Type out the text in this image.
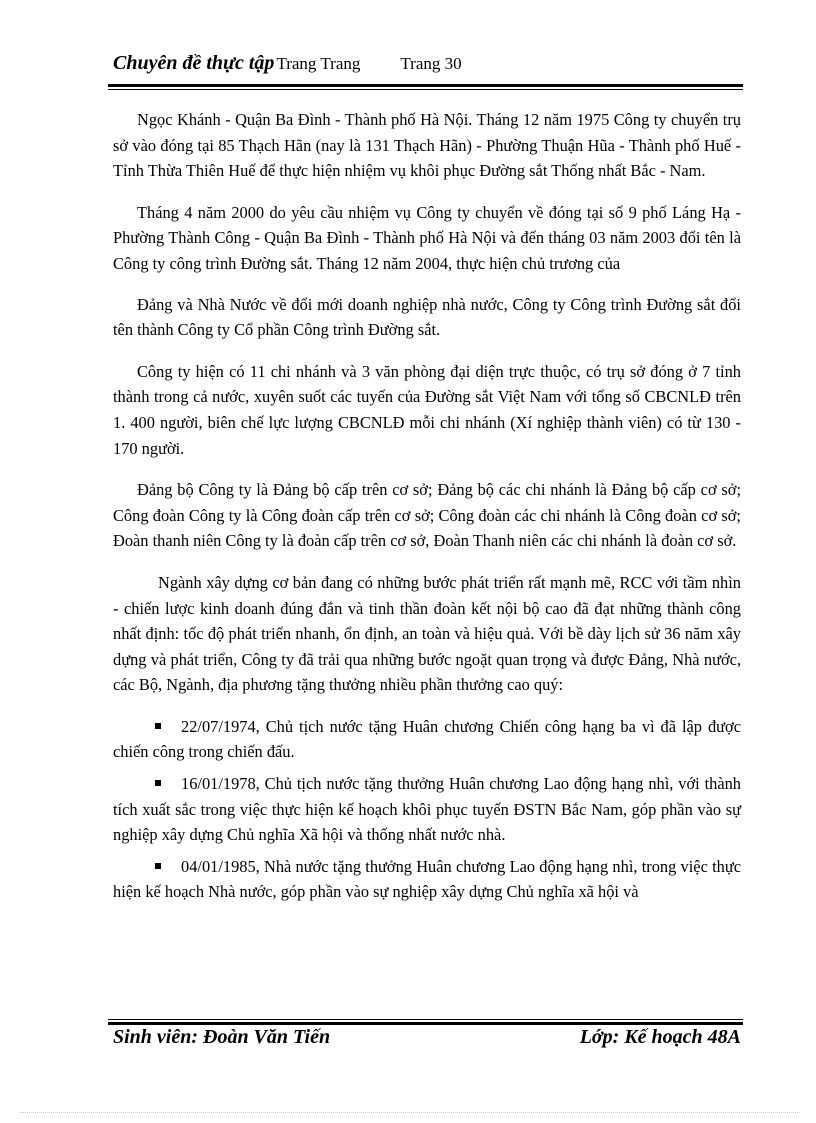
Chuyên đề thực tập Trang Trang Trang 30

Ngọc Khánh - Quận Ba Đình - Thành phố Hà Nội. Tháng 12 năm 1975 Công ty chuyển trụ sở vào đóng tại 85 Thạch Hãn (nay là 131 Thạch Hãn) - Phường Thuận Hũa - Thành phố Huế - Tỉnh Thừa Thiên Huế để thực hiện nhiệm vụ khôi phục Đường sắt Thống nhất Bắc - Nam.

Tháng 4 năm 2000 do yêu cầu nhiệm vụ Công ty chuyển về đóng tại số 9 phố Láng Hạ - Phường Thành Công - Quận Ba Đình - Thành phố Hà Nội và đến tháng 03 năm 2003 đổi tên là Công ty công trình Đường sắt. Tháng 12 năm 2004, thực hiện chủ trương của

Đảng và Nhà Nước về đổi mới doanh nghiệp nhà nước, Công ty Công trình Đường sắt đổi tên thành Công ty Cổ phần Công trình Đường sắt.

Công ty hiện có 11 chi nhánh và 3 văn phòng đại diện trực thuộc, có trụ sở đóng ở 7 tỉnh thành trong cả nước, xuyên suốt các tuyến của Đường sắt Việt Nam với tổng số CBCNLĐ trên 1. 400 người, biên chế lực lượng CBCNLĐ mỗi chi nhánh (Xí nghiệp thành viên) có từ 130 - 170 người.

Đảng bộ Công ty là Đảng bộ cấp trên cơ sở; Đảng bộ các chi nhánh là Đảng bộ cấp cơ sở; Công đoàn Công ty là Công đoàn cấp trên cơ sở; Công đoàn các chi nhánh là Công đoàn cơ sở; Đoàn thanh niên Công ty là đoàn cấp trên cơ sở, Đoàn Thanh niên các chi nhánh là đoàn cơ sở.

Ngành xây dựng cơ bản đang có những bước phát triển rất mạnh mẽ, RCC với tầm nhìn - chiến lược kinh doanh đúng đắn và tinh thần đoàn kết nội bộ cao đã đạt những thành công nhất định: tốc độ phát triển nhanh, ổn định, an toàn và hiệu quả. Với bề dày lịch sử 36 năm xây dựng và phát triển, Công ty đã trải qua những bước ngoặt quan trọng và được Đảng, Nhà nước, các Bộ, Ngành, địa phương tặng thưởng nhiều phần thưởng cao quý:

22/07/1974, Chủ tịch nước tặng Huân chương Chiến công hạng ba vì đã lập được chiến công trong chiến đấu.

16/01/1978, Chủ tịch nước tặng thưởng Huân chương Lao động hạng nhì, với thành tích xuất sắc trong việc thực hiện kế hoạch khôi phục tuyến ĐSTN Bắc Nam, góp phần vào sự nghiệp xây dựng Chủ nghĩa Xã hội và thống nhất nước nhà.

04/01/1985, Nhà nước tặng thưởng Huân chương Lao động hạng nhì, trong việc thực hiện kế hoạch Nhà nước, góp phần vào sự nghiệp xây dựng Chủ nghĩa xã hội và

Sinh viên: Đoàn Văn Tiến	Lớp: Kế hoạch 48A
